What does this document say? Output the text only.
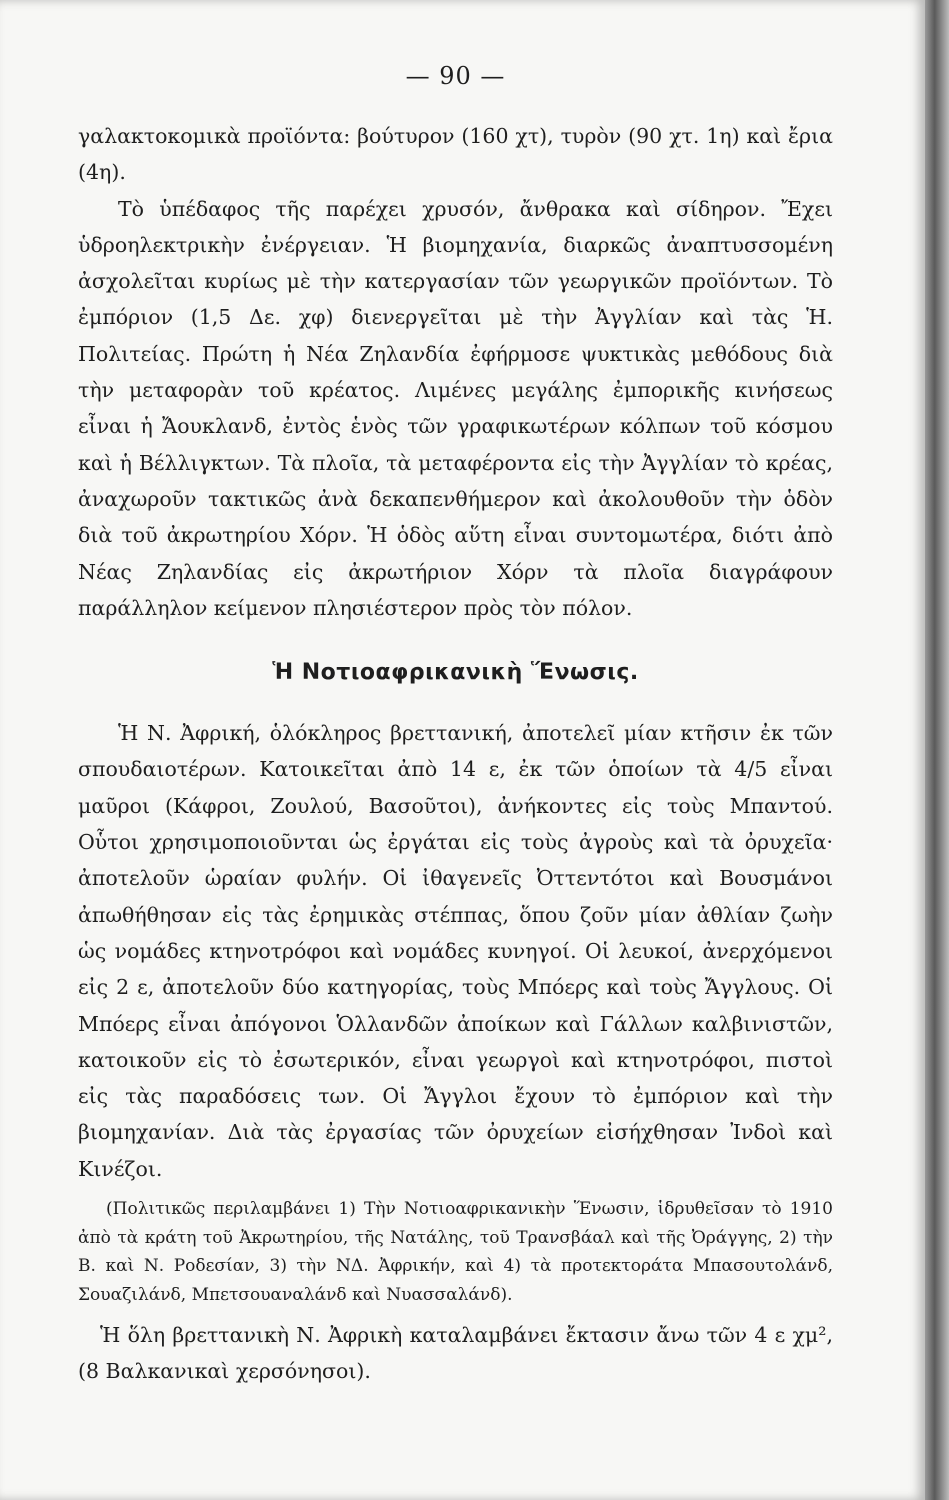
— 90 —

γαλακτοκομικὰ προϊόντα: βούτυρον (160 χτ), τυρὸν (90 χτ. 1η) καὶ ἔρια (4η).

Τὸ ὑπέδαφος τῆς παρέχει χρυσόν, ἄνθρακα καὶ σίδηρον. Ἔχει ὑδροηλεκτρικὴν ἐνέργειαν. Ἡ βιομηχανία, διαρκῶς ἀναπτυσσομένη ἀσχολεῖται κυρίως μὲ τὴν κατεργασίαν τῶν γεωργικῶν προϊόντων. Τὸ ἐμπόριον (1,5 Δε. χφ) διενεργεῖται μὲ τὴν Ἀγγλίαν καὶ τὰς Ἡ. Πολιτείας. Πρώτη ἡ Νέα Ζηλανδία ἐφήρμοσε ψυκτικὰς μεθόδους διὰ τὴν μεταφορὰν τοῦ κρέατος. Λιμένες μεγάλης ἐμπορικῆς κινήσεως εἶναι ἡ Ἄουκλανδ, ἐντὸς ἑνὸς τῶν γραφικωτέρων κόλπων τοῦ κόσμου καὶ ἡ Βέλλιγκτων. Τὰ πλοῖα, τὰ μεταφέροντα εἰς τὴν Ἀγγλίαν τὸ κρέας, ἀναχωροῦν τακτικῶς ἀνὰ δεκαπενθήμερον καὶ ἀκολουθοῦν τὴν ὁδὸν διὰ τοῦ ἀκρωτηρίου Χόρν. Ἡ ὁδὸς αὕτη εἶναι συντομωτέρα, διότι ἀπὸ Νέας Ζηλανδίας εἰς ἀκρωτήριον Χόρν τὰ πλοῖα διαγράφουν παράλληλον κείμενον πλησιέστερον πρὸς τὸν πόλον.

Ἡ Νοτιοαφρικανικὴ Ἕνωσις.

Ἡ Ν. Ἀφρική, ὁλόκληρος βρεττανική, ἀποτελεῖ μίαν κτῆσιν ἐκ τῶν σπουδαιοτέρων. Κατοικεῖται ἀπὸ 14 ε, ἐκ τῶν ὁποίων τὰ 4/5 εἶναι μαῦροι (Κάφροι, Ζουλού, Βασοῦτοι), ἀνήκοντες εἰς τοὺς Μπαντού. Οὗτοι χρησιμοποιοῦνται ὡς ἐργάται εἰς τοὺς ἀγροὺς καὶ τὰ ὀρυχεῖα· ἀποτελοῦν ὡραίαν φυλήν. Οἱ ἰθαγενεῖς Ὀττεντότοι καὶ Βουσμάνοι ἀπωθήθησαν εἰς τὰς ἐρημικὰς στέππας, ὅπου ζοῦν μίαν ἀθλίαν ζωὴν ὡς νομάδες κτηνοτρόφοι καὶ νομάδες κυνηγοί. Οἱ λευκοί, ἀνερχόμενοι εἰς 2 ε, ἀποτελοῦν δύο κατηγορίας, τοὺς Μπόερς καὶ τοὺς Ἄγγλους. Οἱ Μπόερς εἶναι ἀπόγονοι Ὁλλανδῶν ἀποίκων καὶ Γάλλων καλβινιστῶν, κατοικοῦν εἰς τὸ ἐσωτερικόν, εἶναι γεωργοὶ καὶ κτηνοτρόφοι, πιστοὶ εἰς τὰς παραδόσεις των. Οἱ Ἄγγλοι ἔχουν τὸ ἐμπόριον καὶ τὴν βιομηχανίαν. Διὰ τὰς ἐργασίας τῶν ὀρυχείων εἰσήχθησαν Ἰνδοὶ καὶ Κινέζοι.

(Πολιτικῶς περιλαμβάνει 1) Τὴν Νοτιοαφρικανικὴν Ἕνωσιν, ἱδρυθεῖσαν τὸ 1910 ἀπὸ τὰ κράτη τοῦ Ἀκρωτηρίου, τῆς Νατάλης, τοῦ Τρανσβάαλ καὶ τῆς Ὀράγγης, 2) τὴν Β. καὶ Ν. Ροδεσίαν, 3) τὴν ΝΔ. Ἀφρικήν, καὶ 4) τὰ προτεκτοράτα Μπασουτολάνδ, Σουαζιλάνδ, Μπετσουαναλάνδ καὶ Νυασσαλάνδ).

Ἡ ὅλη βρεττανικὴ Ν. Ἀφρικὴ καταλαμβάνει ἔκτασιν ἄνω τῶν 4 ε χμ², (8 Βαλκανικαὶ χερσόνησοι).
